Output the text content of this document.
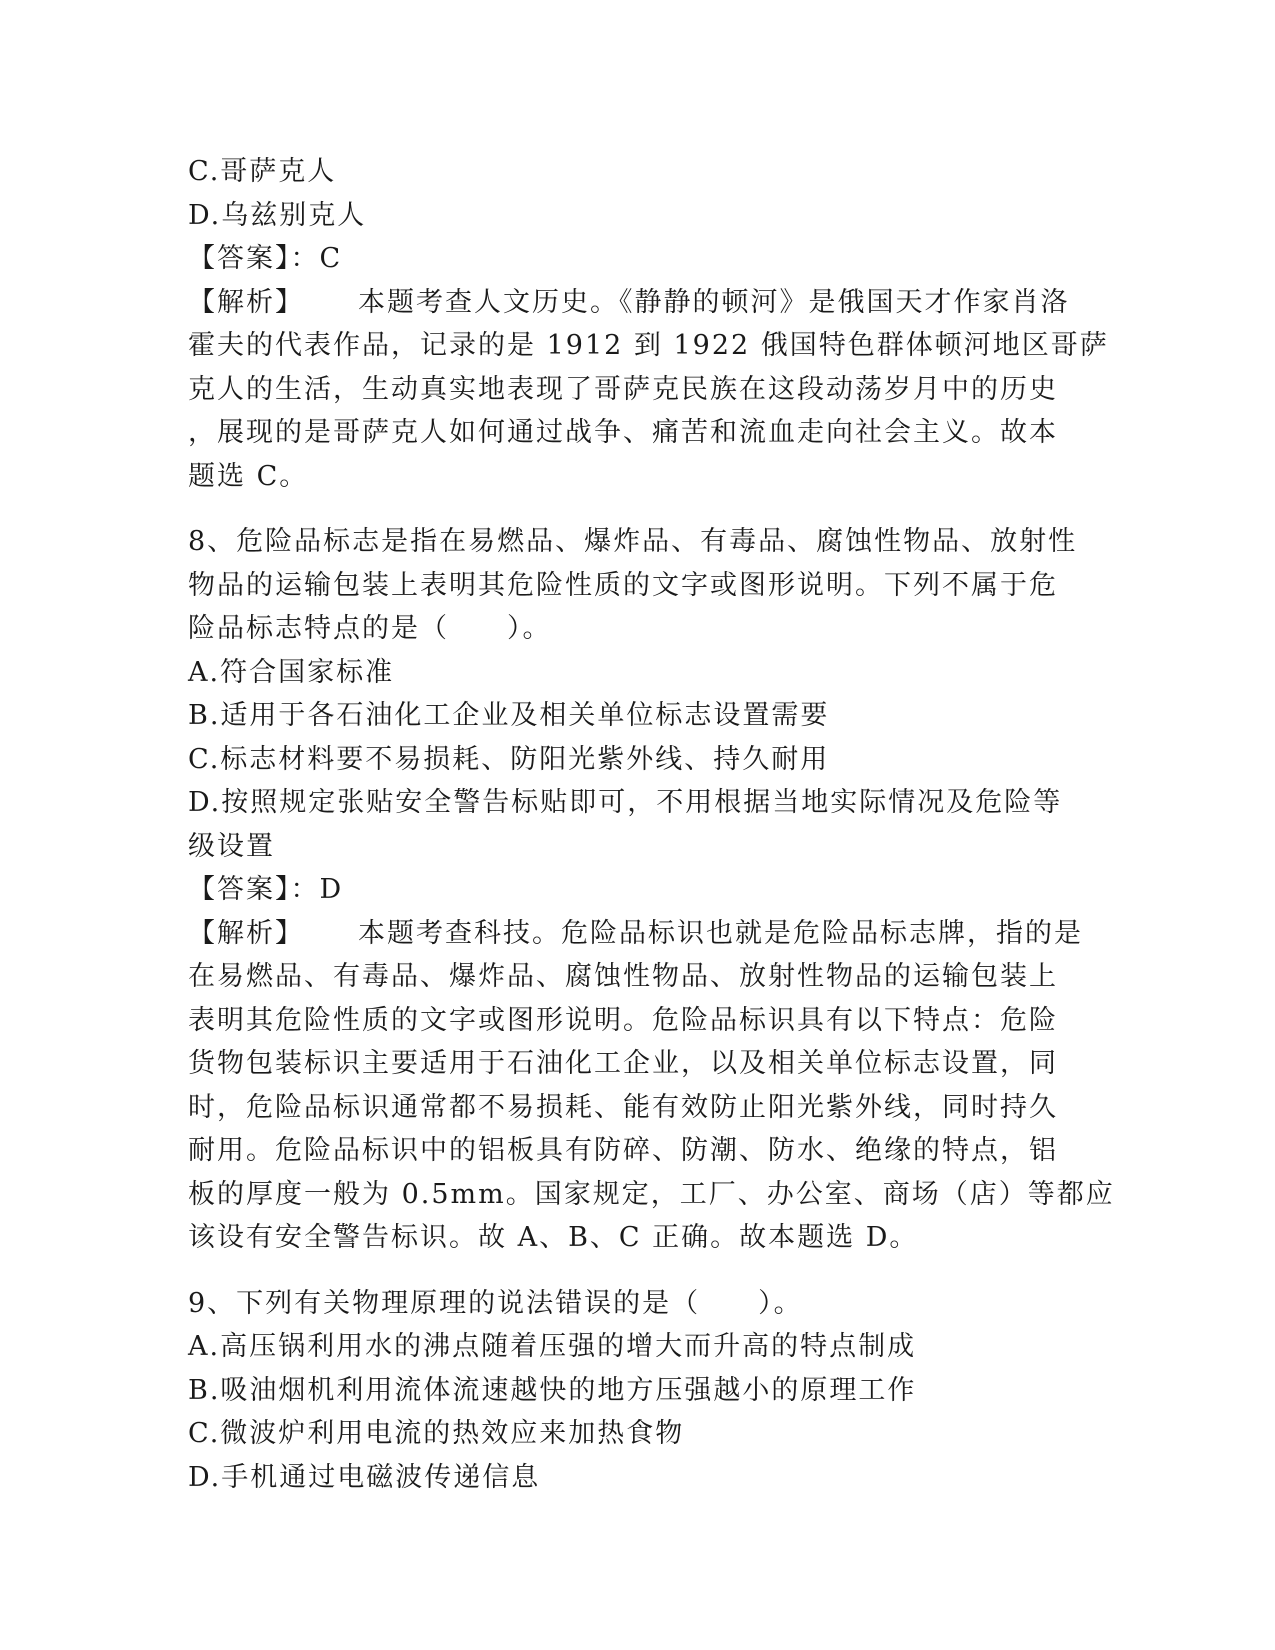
C.哥萨克人
D.乌兹别克人
【答案】：C
【解析】 本题考查人文历史。《静静的顿河》是俄国天才作家肖洛
霍夫的代表作品，记录的是 1912 到 1922 俄国特色群体顿河地区哥萨
克人的生活，生动真实地表现了哥萨克民族在这段动荡岁月中的历史
，展现的是哥萨克人如何通过战争、痛苦和流血走向社会主义。故本
题选 C。
8、危险品标志是指在易燃品、爆炸品、有毒品、腐蚀性物品、放射性
物品的运输包装上表明其危险性质的文字或图形说明。下列不属于危
险品标志特点的是（　　）。
A.符合国家标准
B.适用于各石油化工企业及相关单位标志设置需要
C.标志材料要不易损耗、防阳光紫外线、持久耐用
D.按照规定张贴安全警告标贴即可，不用根据当地实际情况及危险等
级设置
【答案】：D
【解析】 本题考查科技。危险品标识也就是危险品标志牌，指的是
在易燃品、有毒品、爆炸品、腐蚀性物品、放射性物品的运输包装上
表明其危险性质的文字或图形说明。危险品标识具有以下特点：危险
货物包装标识主要适用于石油化工企业，以及相关单位标志设置，同
时，危险品标识通常都不易损耗、能有效防止阳光紫外线，同时持久
耐用。危险品标识中的铝板具有防碎、防潮、防水、绝缘的特点，铝
板的厚度一般为 0.5mm。国家规定，工厂、办公室、商场（店）等都应
该设有安全警告标识。故 A、B、C 正确。故本题选 D。
9、下列有关物理原理的说法错误的是（　　）。
A.高压锅利用水的沸点随着压强的增大而升高的特点制成
B.吸油烟机利用流体流速越快的地方压强越小的原理工作
C.微波炉利用电流的热效应来加热食物
D.手机通过电磁波传递信息
